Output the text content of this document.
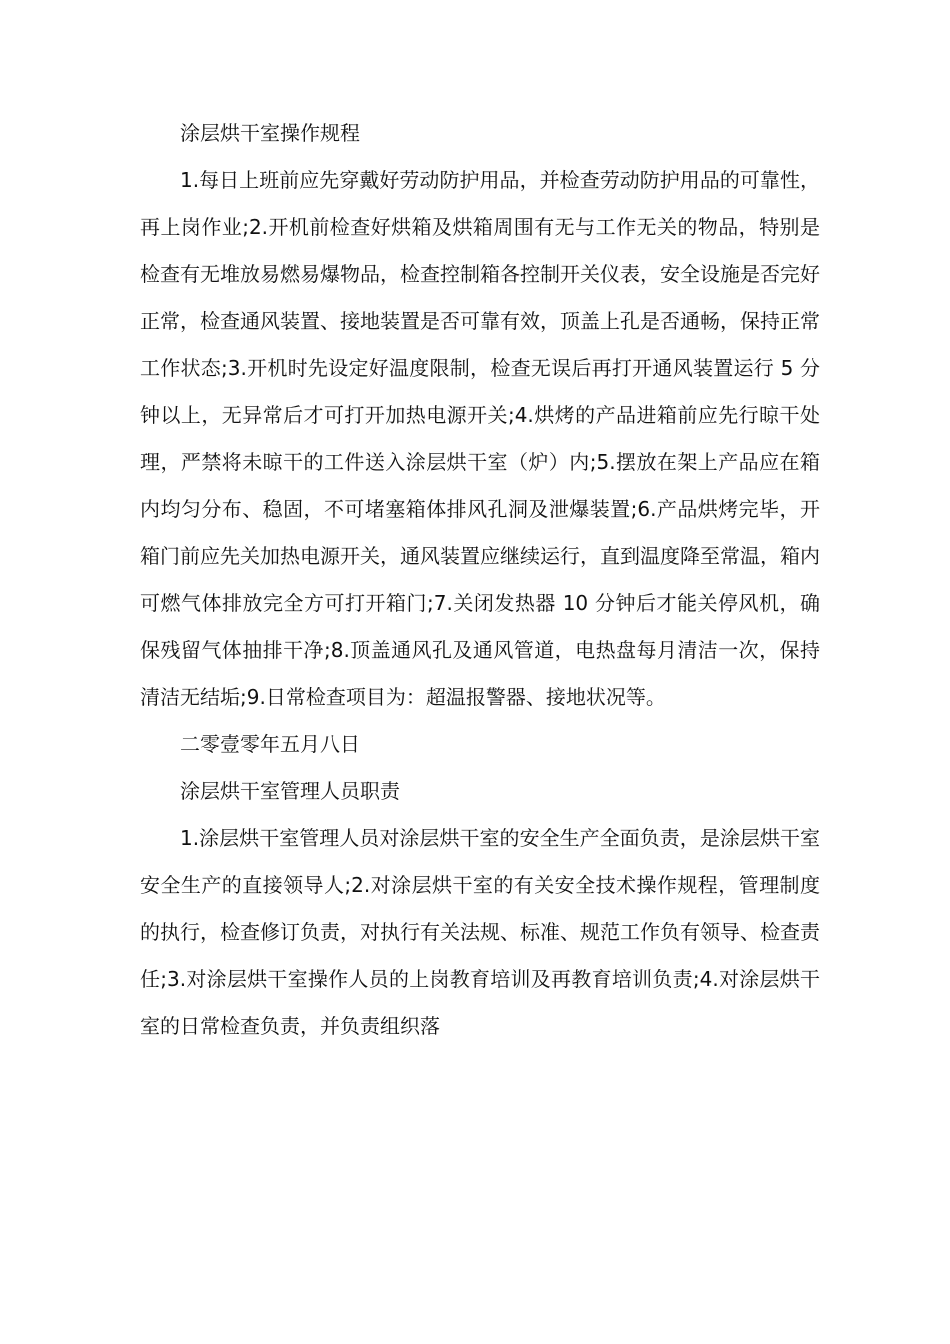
涂层烘干室操作规程

1.每日上班前应先穿戴好劳动防护用品，并检查劳动防护用品的可靠性，再上岗作业;2.开机前检查好烘箱及烘箱周围有无与工作无关的物品，特别是检查有无堆放易燃易爆物品，检查控制箱各控制开关仪表，安全设施是否完好正常，检查通风装置、接地装置是否可靠有效，顶盖上孔是否通畅，保持正常工作状态;3.开机时先设定好温度限制，检查无误后再打开通风装置运行 5 分钟以上，无异常后才可打开加热电源开关;4.烘烤的产品进箱前应先行晾干处理，严禁将未晾干的工件送入涂层烘干室（炉）内;5.摆放在架上产品应在箱内均匀分布、稳固，不可堵塞箱体排风孔洞及泄爆装置;6.产品烘烤完毕，开箱门前应先关加热电源开关，通风装置应继续运行，直到温度降至常温，箱内可燃气体排放完全方可打开箱门;7.关闭发热器 10 分钟后才能关停风机，确保残留气体抽排干净;8.顶盖通风孔及通风管道，电热盘每月清洁一次，保持清洁无结垢;9.日常检查项目为：超温报警器、接地状况等。

二零壹零年五月八日

涂层烘干室管理人员职责

1.涂层烘干室管理人员对涂层烘干室的安全生产全面负责，是涂层烘干室安全生产的直接领导人;2.对涂层烘干室的有关安全技术操作规程，管理制度的执行，检查修订负责，对执行有关法规、标准、规范工作负有领导、检查责任;3.对涂层烘干室操作人员的上岗教育培训及再教育培训负责;4.对涂层烘干室的日常检查负责，并负责组织落
